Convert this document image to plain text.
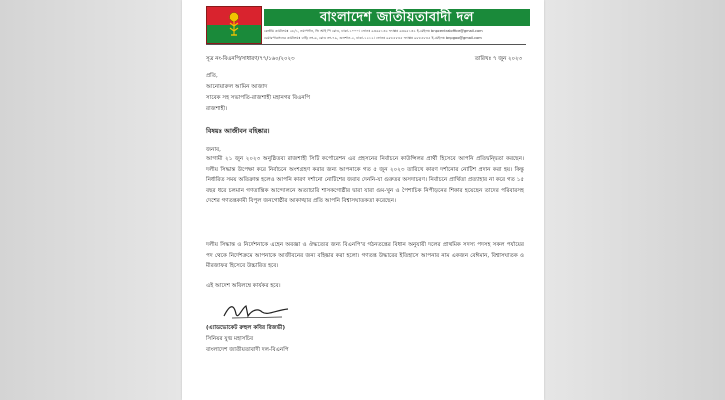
বাংলাদেশ জাতীয়তাবাদী দল
কেন্দ্রীয় কার্যালয়ঃ ২৮/১, নয়াপল্টন, ভি আই পি রোড, ঢাকা-১০০০। ফোনঃ ৯৩৬৫১৩২ ফ্যাক্সঃ ৯৩৬৫১৩২ ই-মেইলঃ bnpcentraloffice@gmail.com
চেয়ারপারসনের কার্যালয়ঃ বাড়ি নং-৬, রোড নং-৭৯, গুলশান-২, ঢাকা-১২১২। ফোনঃ ৯৮৮৫৮৪৫ ফ্যাক্সঃ ৯৮৮৫৮৪৫ ই-মেইলঃ bnpgoo@gmail.com
সূত্র নং-বিএনপি/সাধারণ/৭৭/১৬০/২০২৩	তারিখঃ ৭ জুন ২০২৩
প্রতি,
আনোয়ারুল আমিন আজাদ
সাবেক সহ সভাপতি-রাজশাহী মহানগর বিএনপি
রাজশাহী।
বিষয়ঃ আজীবন বহিষ্কার।
জনাব,
আগামী ২১ জুন ২০২৩ অনুষ্ঠিতব্য রাজশাহী সিটি কর্পোরেশন এর প্রহসনের নির্বাচনে কাউন্সিলর প্রার্থী হিসেবে আপনি প্রতিদ্বন্দ্বিতা করছেন। দলীয় সিদ্ধান্ত উপেক্ষা করে নির্বাচনে অংশগ্রহণ করার জন্য আপনাকে গত ৫ জুন ২০২৩ তারিখে কারণ দর্শানোর নোটিশ প্রদান করা হয়। কিন্তু নির্ধারিত সময় অতিক্রান্ত হলেও আপনি কারণ দর্শানো নোটিশের জবাব দেননি-যা গুরুতর অসদাচরণ। নির্বাচনে প্রার্থিতা প্রত্যাহার না করে গত ১৫ বছর ধরে চলমান গণতান্ত্রিক আন্দোলনে অত্যাচারি শাসকগোষ্ঠীর দ্বারা যারা গুম-খুন ও পৈশাচিক নিপীড়নের শিকার হয়েছেন তাদের পরিবারসহ দেশের গণতন্ত্রকামী বিপুল জনগোষ্ঠীর আকাঙ্খার প্রতি আপনি বিশ্বাসঘাতকতা করেছেন।
দলীয় সিদ্ধান্ত ও নির্দেশনাকে এহেন অবজ্ঞা ও ঔদ্ধত্যের জন্য বিএনপি'র গঠনতন্ত্রের বিধান অনুযায়ী দলের প্রাথমিক সদস্য পদসহ সকল পর্যায়ের পদ থেকে নির্দেশক্রমে আপনাকে আজীবনের জন্য বহিষ্কার করা হলো। গণতন্ত্র উদ্ধারের ইতিহাসে আপনার নাম একজন বেঈমান, বিশ্বাসঘাতক ও মীরজাফর হিসেবে উচ্চারিত হবে।
এই আদেশ অবিলম্বে কার্যকর হবে।
(এ্যাডভোকেট রুহুল কবির রিজভী)
সিনিয়র যুগ্ম মহাসচিব
বাংলাদেশ জাতীয়তাবাদী দল-বিএনপি
